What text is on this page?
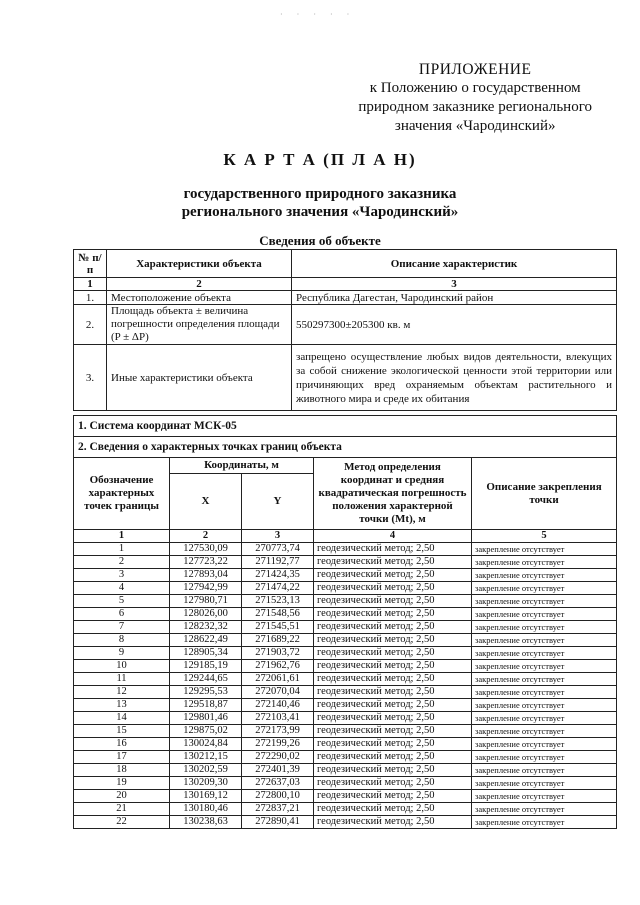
· · · · ·
ПРИЛОЖЕНИЕ
к Положению о государственном
природном заказнике регионального
значения «Чародинский»
К А Р Т А (П Л А Н)
государственного природного заказника
регионального значения «Чародинский»
Сведения об объекте
№ п/п	Характеристики объекта	Описание характеристик
1	2	3
1.	Местоположение объекта	Республика Дагестан, Чародинский район
2.	Площадь объекта ± величина погрешности определения площади (P ± ΔP)	550297300±205300 кв. м
3.	Иные характеристики объекта	запрещено осуществление любых видов деятельности, влекущих за собой снижение экологической ценности этой территории или причиняющих вред охраняемым объектам растительного и животного мира и среде их обитания
1. Система координат МСК-05				
2. Сведения о характерных точках границ объекта				
Обозначение характерных точек границы	Координаты, м		Метод определения координат и средняя квадратическая погрешность положения характерной точки (Mt), м	Описание закрепления точки
	X	Y		
1	2	3	4	5
1	127530,09	270773,74	геодезический метод; 2,50	закрепление отсутствует
2	127723,22	271192,77	геодезический метод; 2,50	закрепление отсутствует
3	127893,04	271424,35	геодезический метод; 2,50	закрепление отсутствует
4	127942,99	271474,22	геодезический метод; 2,50	закрепление отсутствует
5	127980,71	271523,13	геодезический метод; 2,50	закрепление отсутствует
6	128026,00	271548,56	геодезический метод; 2,50	закрепление отсутствует
7	128232,32	271545,51	геодезический метод; 2,50	закрепление отсутствует
8	128622,49	271689,22	геодезический метод; 2,50	закрепление отсутствует
9	128905,34	271903,72	геодезический метод; 2,50	закрепление отсутствует
10	129185,19	271962,76	геодезический метод; 2,50	закрепление отсутствует
11	129244,65	272061,61	геодезический метод; 2,50	закрепление отсутствует
12	129295,53	272070,04	геодезический метод; 2,50	закрепление отсутствует
13	129518,87	272140,46	геодезический метод; 2,50	закрепление отсутствует
14	129801,46	272103,41	геодезический метод; 2,50	закрепление отсутствует
15	129875,02	272173,99	геодезический метод; 2,50	закрепление отсутствует
16	130024,84	272199,26	геодезический метод; 2,50	закрепление отсутствует
17	130212,15	272290,02	геодезический метод; 2,50	закрепление отсутствует
18	130202,59	272401,39	геодезический метод; 2,50	закрепление отсутствует
19	130209,30	272637,03	геодезический метод; 2,50	закрепление отсутствует
20	130169,12	272800,10	геодезический метод; 2,50	закрепление отсутствует
21	130180,46	272837,21	геодезический метод; 2,50	закрепление отсутствует
22	130238,63	272890,41	геодезический метод; 2,50	закрепление отсутствует
